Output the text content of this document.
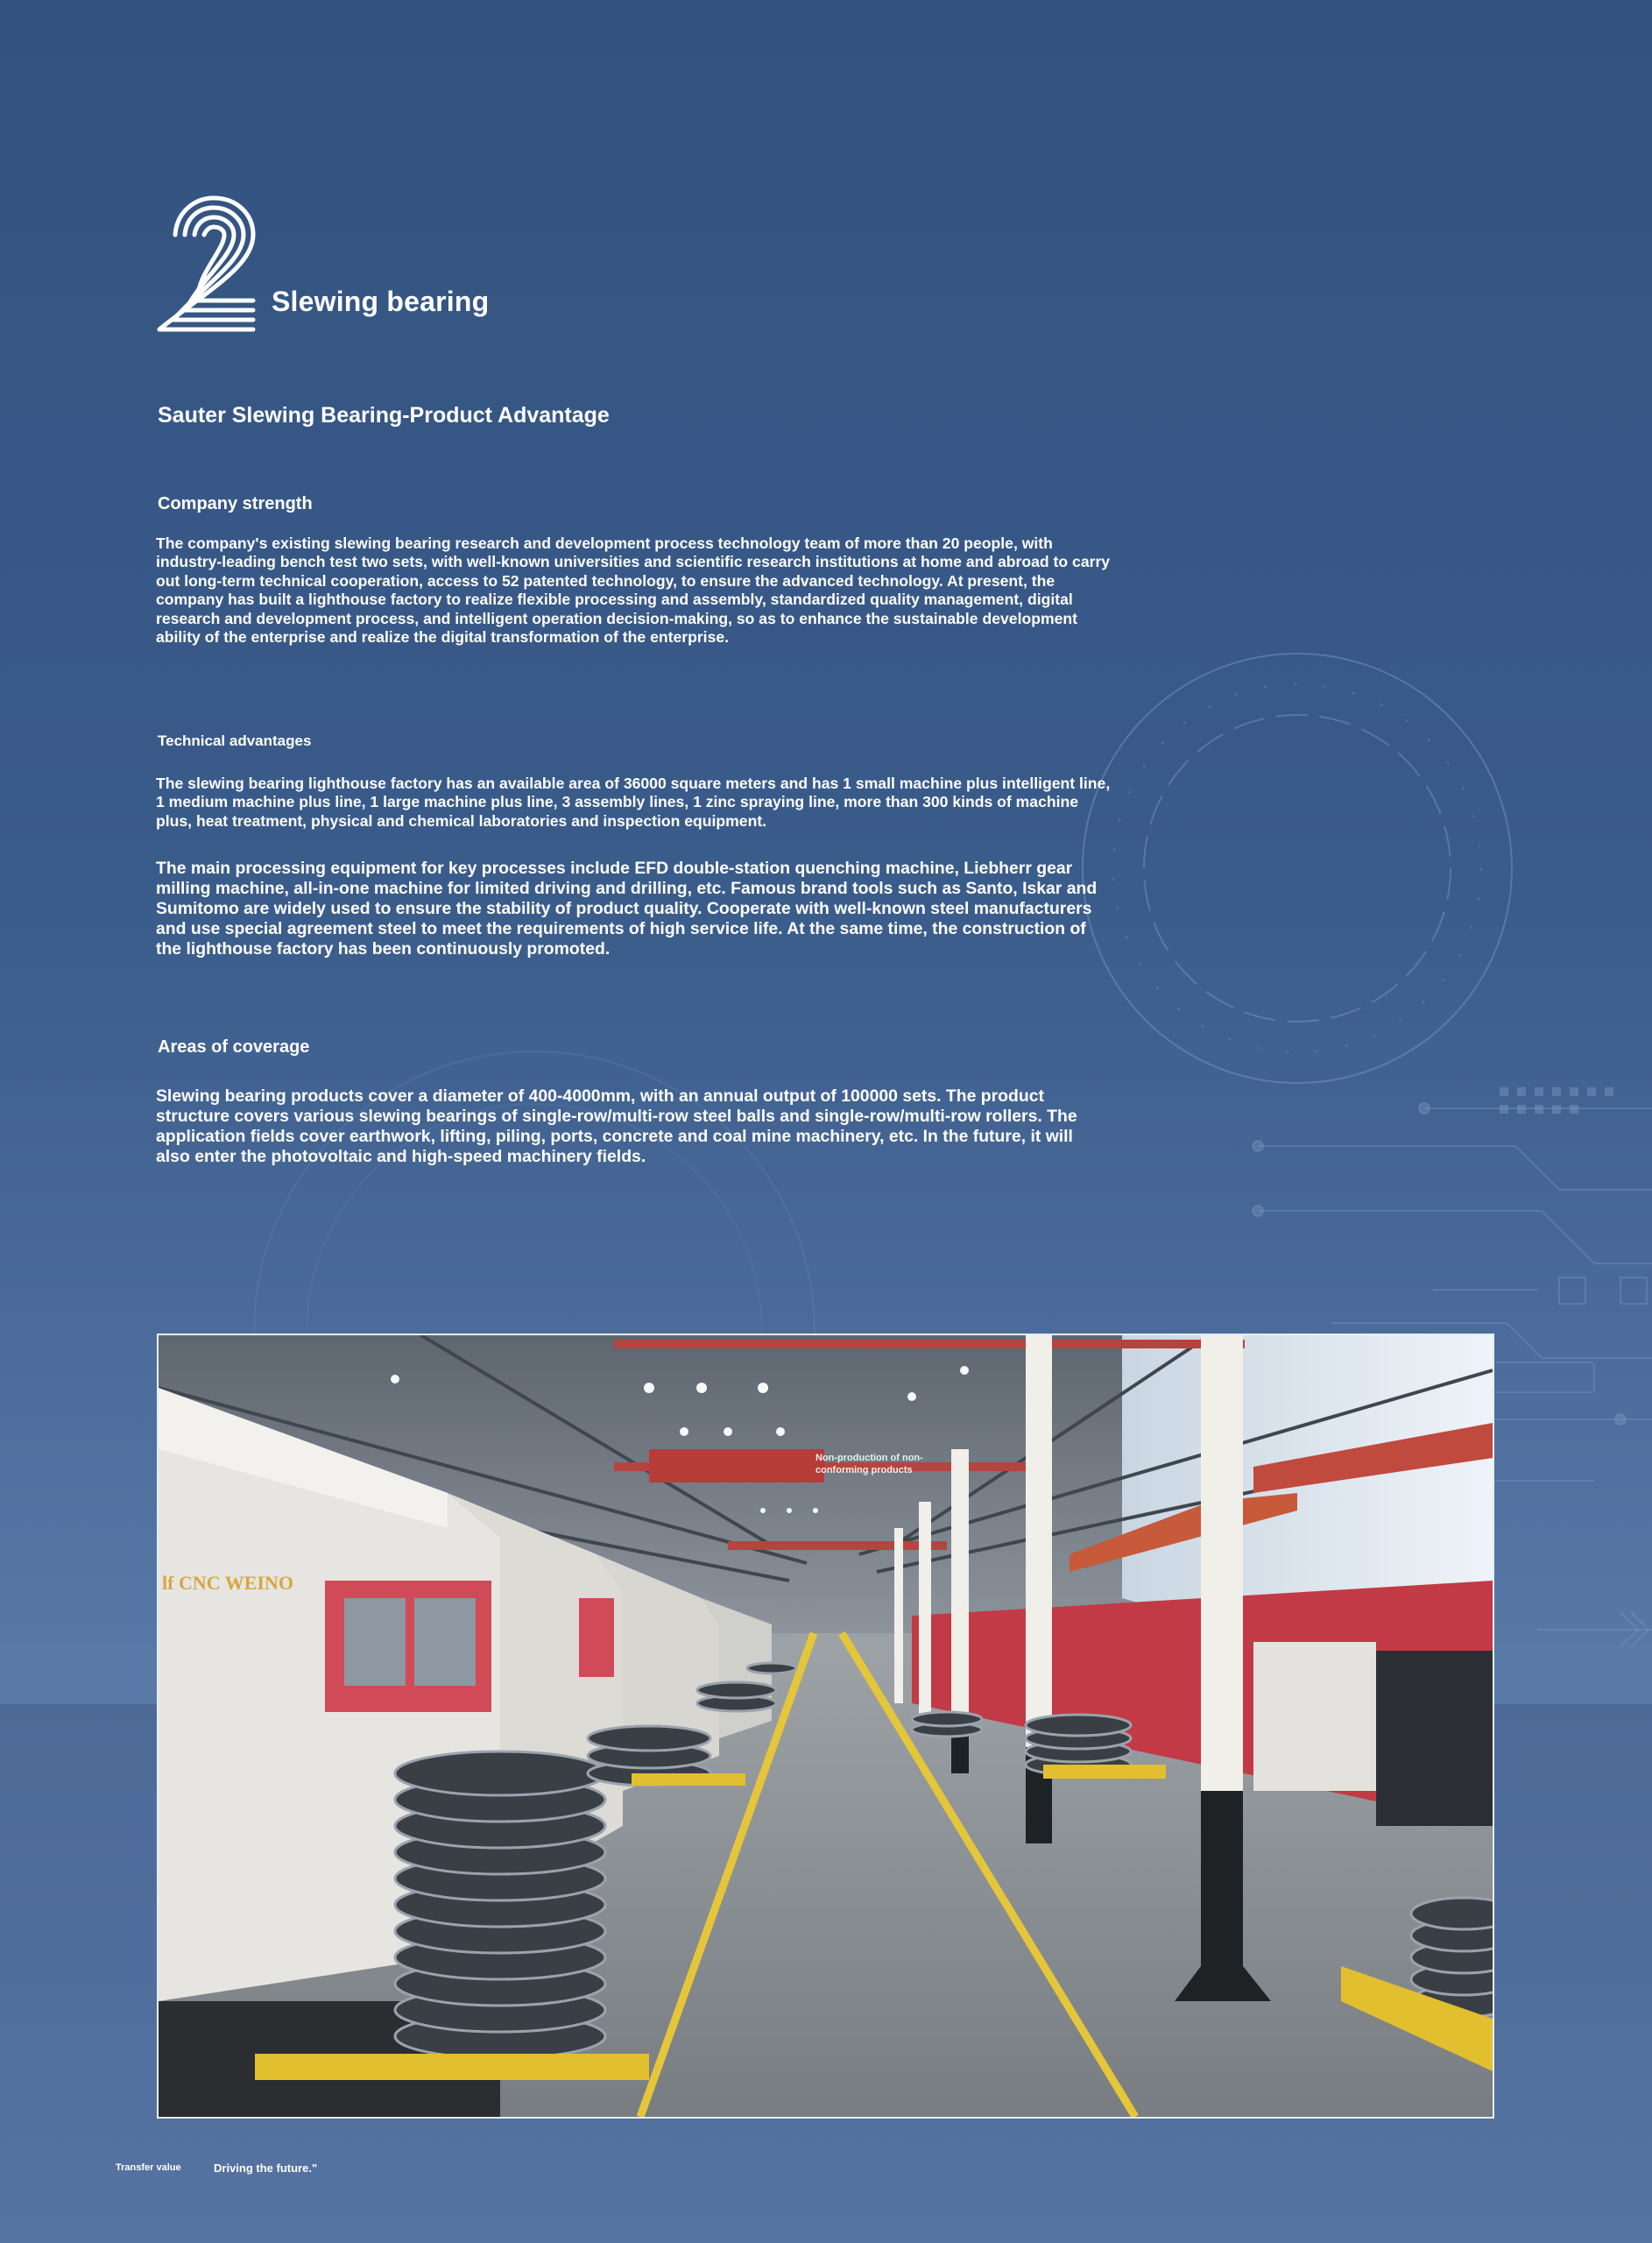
Slewing bearing
Sauter Slewing Bearing-Product Advantage
Company strength

The company's existing slewing bearing research and development process technology team of more than 20 people, with industry-leading bench test two sets, with well-known universities and scientific research institutions at home and abroad to carry out long-term technical cooperation, access to 52 patented technology, to ensure the advanced technology. At present, the company has built a lighthouse factory to realize flexible processing and assembly, standardized quality management, digital research and development process, and intelligent operation decision-making, so as to enhance the sustainable development ability of the enterprise and realize the digital transformation of the enterprise.

Technical advantages

The slewing bearing lighthouse factory has an available area of 36000 square meters and has 1 small machine plus intelligent line, 1 medium machine plus line, 1 large machine plus line, 3 assembly lines, 1 zinc spraying line, more than 300 kinds of machine plus, heat treatment, physical and chemical laboratories and inspection equipment.

The main processing equipment for key processes include EFD double-station quenching machine, Liebherr gear milling machine, all-in-one machine for limited driving and drilling, etc. Famous brand tools such as Santo, Iskar and Sumitomo are widely used to ensure the stability of product quality. Cooperate with well-known steel manufacturers and use special agreement steel to meet the requirements of high service life. At the same time, the construction of the lighthouse factory has been continuously promoted.

Areas of coverage

Slewing bearing products cover a diameter of 400-4000mm, with an annual output of 100000 sets. The product structure covers various slewing bearings of single-row/multi-row steel balls and single-row/multi-row rollers. The application fields cover earthwork, lifting, piling, ports, concrete and coal mine machinery, etc. In the future, it will also enter the photovoltaic and high-speed machinery fields.

Non-production of non-
conforming products
lf CNC WEINO

Transfer value	Driving the future."
